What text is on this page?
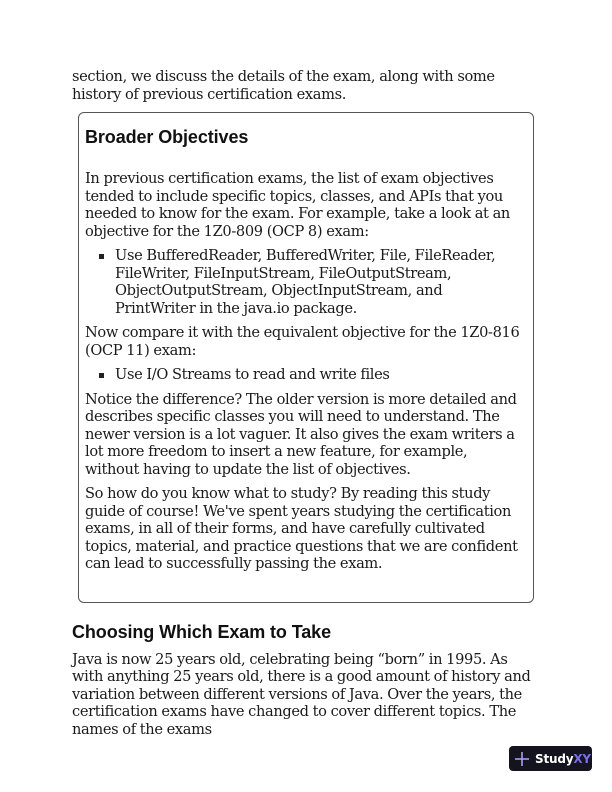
section, we discuss the details of the exam, along with some history of previous certification exams.

Broader Objectives

In previous certification exams, the list of exam objectives tended to include specific topics, classes, and APIs that you needed to know for the exam. For example, take a look at an objective for the 1Z0-809 (OCP 8) exam:

Use BufferedReader, BufferedWriter, File, FileReader, FileWriter, FileInputStream, FileOutputStream, ObjectOutputStream, ObjectInputStream, and PrintWriter in the java.io package.

Now compare it with the equivalent objective for the 1Z0-816 (OCP 11) exam:

Use I/O Streams to read and write files

Notice the difference? The older version is more detailed and describes specific classes you will need to understand. The newer version is a lot vaguer. It also gives the exam writers a lot more freedom to insert a new feature, for example, without having to update the list of objectives.

So how do you know what to study? By reading this study guide of course! We've spent years studying the certification exams, in all of their forms, and have carefully cultivated topics, material, and practice questions that we are confident can lead to successfully passing the exam.

Choosing Which Exam to Take

Java is now 25 years old, celebrating being “born” in 1995. As with anything 25 years old, there is a good amount of history and variation between different versions of Java. Over the years, the certification exams have changed to cover different topics. The names of the exams

StudyXY
